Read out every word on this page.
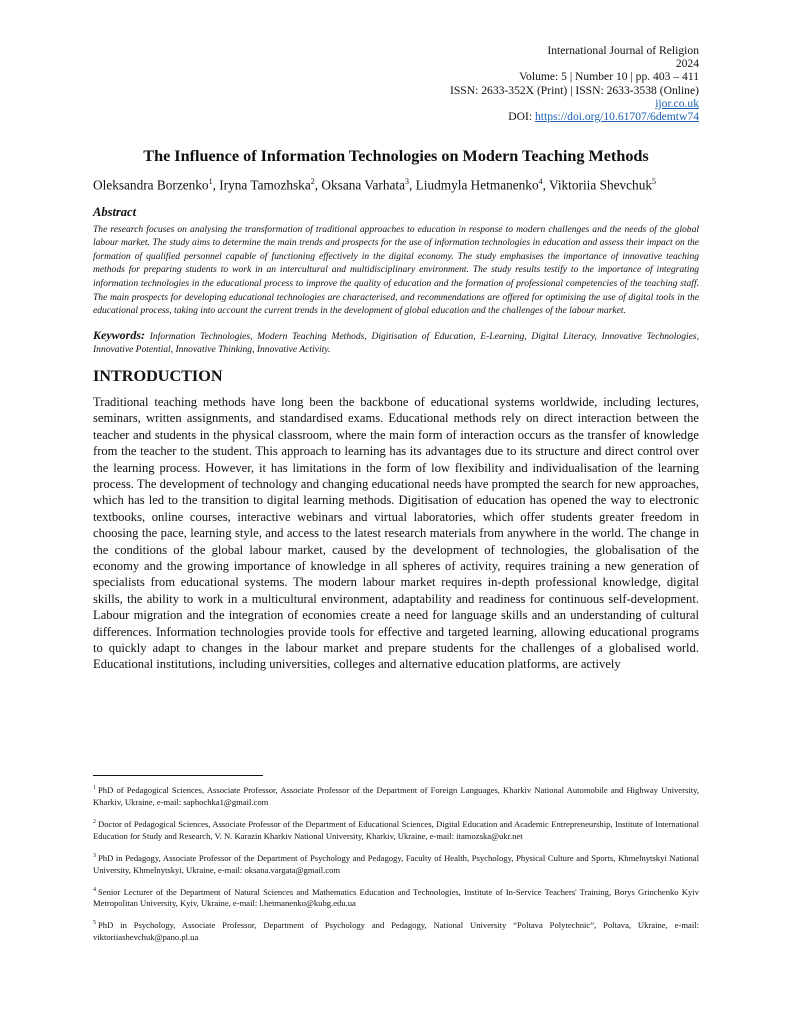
International Journal of Religion
2024
Volume: 5 | Number 10 | pp. 403 – 411
ISSN: 2633-352X (Print) | ISSN: 2633-3538 (Online)
ijor.co.uk
DOI: https://doi.org/10.61707/6demtw74
The Influence of Information Technologies on Modern Teaching Methods
Oleksandra Borzenko$^1$, Iryna Tamozhska$^2$, Oksana Varhata$^3$, Liudmyla Hetmanenko$^4$, Viktoriia Shevchuk$^5$
Abstract
The research focuses on analysing the transformation of traditional approaches to education in response to modern challenges and the needs of the global labour market. The study aims to determine the main trends and prospects for the use of information technologies in education and assess their impact on the formation of qualified personnel capable of functioning effectively in the digital economy. The study emphasises the importance of innovative teaching methods for preparing students to work in an intercultural and multidisciplinary environment. The study results testify to the importance of integrating information technologies in the educational process to improve the quality of education and the formation of professional competencies of the teaching staff. The main prospects for developing educational technologies are characterised, and recommendations are offered for optimising the use of digital tools in the educational process, taking into account the current trends in the development of global education and the challenges of the labour market.
Keywords: Information Technologies, Modern Teaching Methods, Digitisation of Education, E-Learning, Digital Literacy, Innovative Technologies, Innovative Potential, Innovative Thinking, Innovative Activity.
INTRODUCTION
Traditional teaching methods have long been the backbone of educational systems worldwide, including lectures, seminars, written assignments, and standardised exams. Educational methods rely on direct interaction between the teacher and students in the physical classroom, where the main form of interaction occurs as the transfer of knowledge from the teacher to the student. This approach to learning has its advantages due to its structure and direct control over the learning process. However, it has limitations in the form of low flexibility and individualisation of the learning process. The development of technology and changing educational needs have prompted the search for new approaches, which has led to the transition to digital learning methods. Digitisation of education has opened the way to electronic textbooks, online courses, interactive webinars and virtual laboratories, which offer students greater freedom in choosing the pace, learning style, and access to the latest research materials from anywhere in the world. The change in the conditions of the global labour market, caused by the development of technologies, the globalisation of the economy and the growing importance of knowledge in all spheres of activity, requires training a new generation of specialists from educational systems. The modern labour market requires in-depth professional knowledge, digital skills, the ability to work in a multicultural environment, adaptability and readiness for continuous self-development. Labour migration and the integration of economies create a need for language skills and an understanding of cultural differences. Information technologies provide tools for effective and targeted learning, allowing educational programs to quickly adapt to changes in the labour market and prepare students for the challenges of a globalised world. Educational institutions, including universities, colleges and alternative education platforms, are actively
$^1$ PhD of Pedagogical Sciences, Associate Professor, Associate Professor of the Department of Foreign Languages, Kharkiv National Automobile and Highway University, Kharkiv, Ukraine, e-mail: saphochka1@gmail.com
$^2$ Doctor of Pedagogical Sciences, Associate Professor of the Department of Educational Sciences, Digital Education and Academic Entrepreneurship, Institute of International Education for Study and Research, V. N. Karazin Kharkiv National University, Kharkiv, Ukraine, e-mail: itamozska@ukr.net
$^3$ PhD in Pedagogy, Associate Professor of the Department of Psychology and Pedagogy, Faculty of Health, Psychology, Physical Culture and Sports, Khmelnytskyi National University, Khmelnytskyi, Ukraine, e-mail: oksana.vargata@gmail.com
$^4$ Senior Lecturer of the Department of Natural Sciences and Mathematics Education and Technologies, Institute of In-Service Teachers' Training, Borys Grinchenko Kyiv Metropolitan University, Kyiv, Ukraine, e-mail: l.hetmanenko@kubg.edu.ua
$^5$ PhD in Psychology, Associate Professor, Department of Psychology and Pedagogy, National University “Poltava Polytechnic”, Poltava, Ukraine, e-mail: viktoriiashevchuk@pano.pl.ua
